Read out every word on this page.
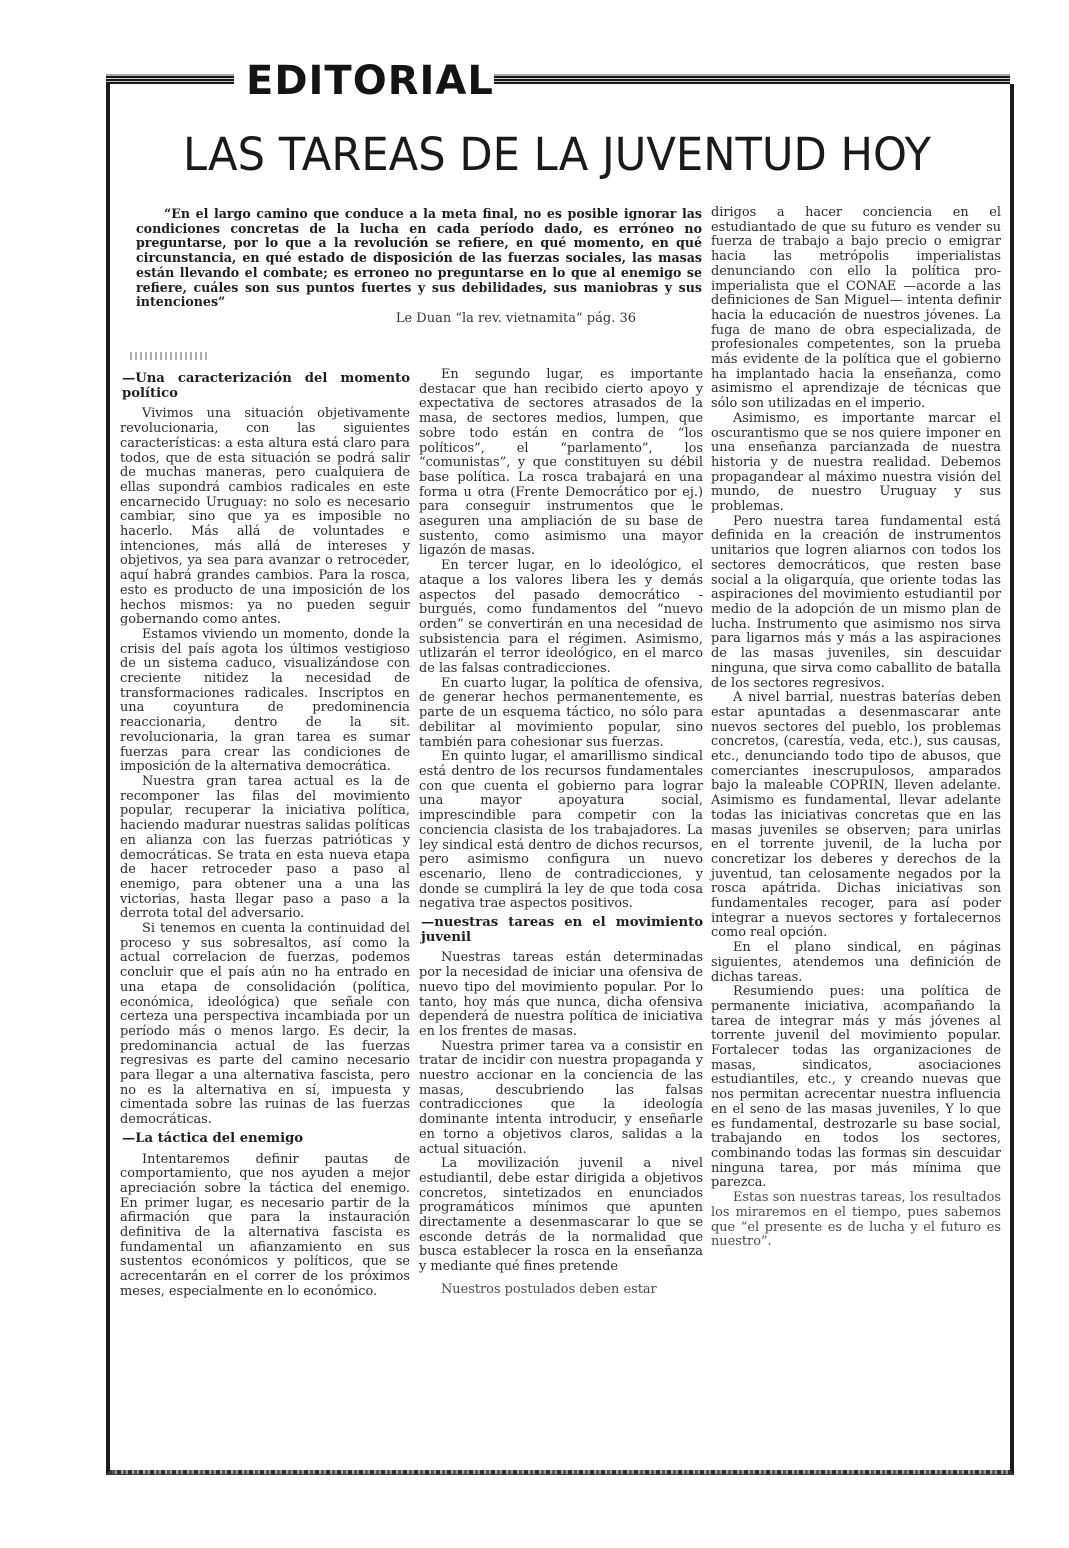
EDITORIAL
LAS TAREAS DE LA JUVENTUD HOY

“En el largo camino que conduce a la meta final, no es posible ignorar las condiciones concretas de la lucha en cada período dado, es erróneo no preguntarse, por lo que a la revolución se refiere, en qué momento, en qué circunstancia, en qué estado de disposición de las fuerzas sociales, las masas están llevando el combate; es erroneo no preguntarse en lo que al enemigo se refiere, cuáles son sus puntos fuertes y sus debilidades, sus maniobras y sus intenciones”

Le Duan “la rev. vietnamita” pág. 36

—Una caracterización del momento político

Vivimos una situación objetivamente revolucionaria, con las siguientes características: a esta altura está claro para todos, que de esta situación se podrá salir de muchas maneras, pero cualquiera de ellas supondrá cambios radicales en este encarnecido Uruguay: no solo es necesario cambiar, sino que ya es imposible no hacerlo. Más allá de voluntades e intenciones, más allá de intereses y objetivos, ya sea para avanzar o retroceder, aquí habrá grandes cambios. Para la rosca, esto es producto de una imposición de los hechos mismos: ya no pueden seguir gobernando como antes.

Estamos viviendo un momento, donde la crisis del país agota los últimos vestigioso de un sistema caduco, visualizándose con creciente nitidez la necesidad de transformaciones radicales. Inscriptos en una coyuntura de predominencia reaccionaria, dentro de la sit. revolucionaria, la gran tarea es sumar fuerzas para crear las condiciones de imposición de la alternativa democrática.

Nuestra gran tarea actual es la de recomponer las filas del movimiento popular, recuperar la iniciativa política, haciendo madurar nuestras salidas políticas en alianza con las fuerzas patrióticas y democráticas. Se trata en esta nueva etapa de hacer retroceder paso a paso al enemigo, para obtener una a una las victorias, hasta llegar paso a paso a la derrota total del adversario.

Si tenemos en cuenta la continuidad del proceso y sus sobresaltos, así como la actual correlacion de fuerzas, podemos concluir que el país aún no ha entrado en una etapa de consolidación (política, económica, ideológica) que señale con certeza una perspectiva incambiada por un período más o menos largo. Es decir, la predominancia actual de las fuerzas regresivas es parte del camino necesario para llegar a una alternativa fascista, pero no es la alternativa en sí, impuesta y cimentada sobre las ruinas de las fuerzas democráticas.

—La táctica del enemigo

Intentaremos definir pautas de comportamiento, que nos ayuden a mejor apreciación sobre la táctica del enemigo. En primer lugar, es necesario partir de la afirmación que para la instauración definitiva de la alternativa fascista es fundamental un afianzamiento en sus sustentos económicos y políticos, que se acrecentarán en el correr de los próximos meses, especialmente en lo económico.

En segundo lugar, es importante destacar que han recibido cierto apoyo y expectativa de sectores atrasados de la masa, de sectores medios, lumpen, que sobre todo están en contra de “los políticos”, el “parlamento”, los “comunistas”, y que constituyen su débil base política. La rosca trabajará en una forma u otra (Frente Democrático por ej.) para conseguir instrumentos que le aseguren una ampliación de su base de sustento, como asimismo una mayor ligazón de masas.

En tercer lugar, en lo ideológico, el ataque a los valores libera les y demás aspectos del pasado democrático - burgués, como fundamentos del “nuevo orden” se convertirán en una necesidad de subsistencia para el régimen. Asimismo, utlizarán el terror ideológico, en el marco de las falsas contradicciones.

En cuarto lugar, la política de ofensiva, de generar hechos permanentemente, es parte de un esquema táctico, no sólo para debilitar al movimiento popular, sino también para cohesionar sus fuerzas.

En quinto lugar, el amarillismo sindical está dentro de los recursos fundamentales con que cuenta el gobierno para lograr una mayor apoyatura social, imprescindible para competir con la conciencia clasista de los trabajadores. La ley sindical está dentro de dichos recursos, pero asimismo configura un nuevo escenario, lleno de contradicciones, y donde se cumplirá la ley de que toda cosa negativa trae aspectos positivos.

—nuestras tareas en el movimiento juvenil

Nuestras tareas están determinadas por la necesidad de iniciar una ofensiva de nuevo tipo del movimiento popular. Por lo tanto, hoy más que nunca, dicha ofensiva dependerá de nuestra política de iniciativa en los frentes de masas.

Nuestra primer tarea va a consistir en tratar de incidir con nuestra propaganda y nuestro accionar en la conciencia de las masas, descubriendo las falsas contradicciones que la ideología dominante intenta introducir, y enseñarle en torno a objetivos claros, salidas a la actual situación.

La movilización juvenil a nivel estudiantil, debe estar dirigida a objetivos concretos, sintetizados en enunciados programáticos mínimos que apunten directamente a desenmascarar lo que se esconde detrás de la normalidad que busca establecer la rosca en la enseñanza y mediante qué fines pretende

Nuestros postulados deben estar

dirigos a hacer conciencia en el estudiantado de que su futuro es vender su fuerza de trabajo a bajo precio o emigrar hacia las metrópolis imperialistas denunciando con ello la política pro-imperialista que el CONAE —acorde a las definiciones de San Miguel— intenta definir hacia la educación de nuestros jóvenes. La fuga de mano de obra especializada, de profesionales competentes, son la prueba más evidente de la política que el gobierno ha implantado hacia la enseñanza, como asimismo el aprendizaje de técnicas que sólo son utilizadas en el imperio.

Asimismo, es importante marcar el oscurantismo que se nos quiere imponer en una enseñanza parcianzada de nuestra historia y de nuestra realidad. Debemos propagandear al máximo nuestra visión del mundo, de nuestro Uruguay y sus problemas.

Pero nuestra tarea fundamental está definida en la creación de instrumentos unitarios que logren aliarnos con todos los sectores democráticos, que resten base social a la oligarquía, que oriente todas las aspiraciones del movimiento estudiantil por medio de la adopción de un mismo plan de lucha. Instrumento que asimismo nos sirva para ligarnos más y más a las aspiraciones de las masas juveniles, sin descuidar ninguna, que sirva como caballito de batalla de los sectores regresivos.

A nivel barrial, nuestras baterías deben estar apuntadas a desenmascarar ante nuevos sectores del pueblo, los problemas concretos, (carestía, veda, etc.), sus causas, etc., denunciando todo tipo de abusos, que comerciantes inescrupulosos, amparados bajo la maleable COPRIN, lleven adelante. Asimismo es fundamental, llevar adelante todas las iniciativas concretas que en las masas juveniles se observen; para unirlas en el torrente juvenil, de la lucha por concretizar los deberes y derechos de la juventud, tan celosamente negados por la rosca apátrida. Dichas iniciativas son fundamentales recoger, para así poder integrar a nuevos sectores y fortalecernos como real opción.

En el plano sindical, en páginas siguientes, atendemos una definición de dichas tareas.

Resumiendo pues: una política de permanente iniciativa, acompañando la tarea de integrar más y más jóvenes al torrente juvenil del movimiento popular. Fortalecer todas las organizaciones de masas, sindicatos, asociaciones estudiantiles, etc., y creando nuevas que nos permitan acrecentar nuestra influencia en el seno de las masas juveniles, Y lo que es fundamental, destrozarle su base social, trabajando en todos los sectores, combinando todas las formas sin descuidar ninguna tarea, por más mínima que parezca.

Estas son nuestras tareas, los resultados los miraremos en el tiempo, pues sabemos que “el presente es de lucha y el futuro es nuestro”.
